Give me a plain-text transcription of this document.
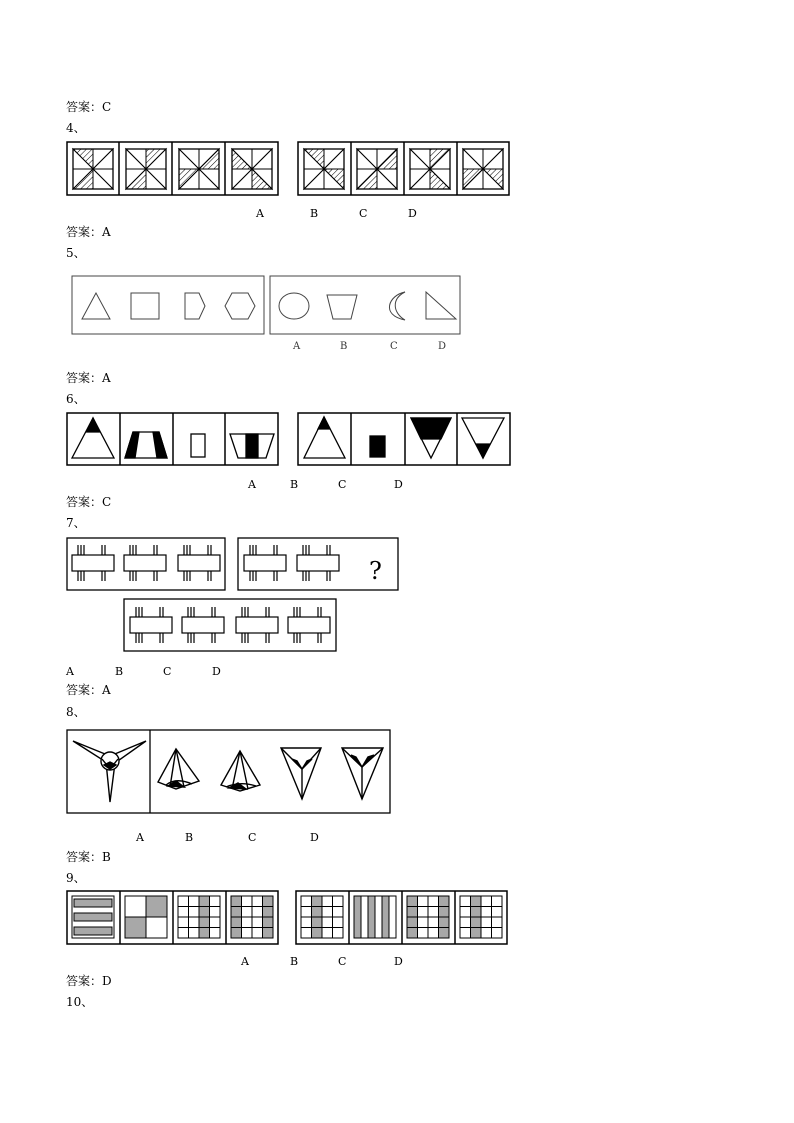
答案：C
4、
A	B	C	D
答案：A
5、
A	B	C	D
答案：A
6、
A	B	C	D
答案：C
7、
?
A	B	C	D
答案：A
8、
A	B	C	D
答案：B
9、
A	B	C	D
答案：D
10、
